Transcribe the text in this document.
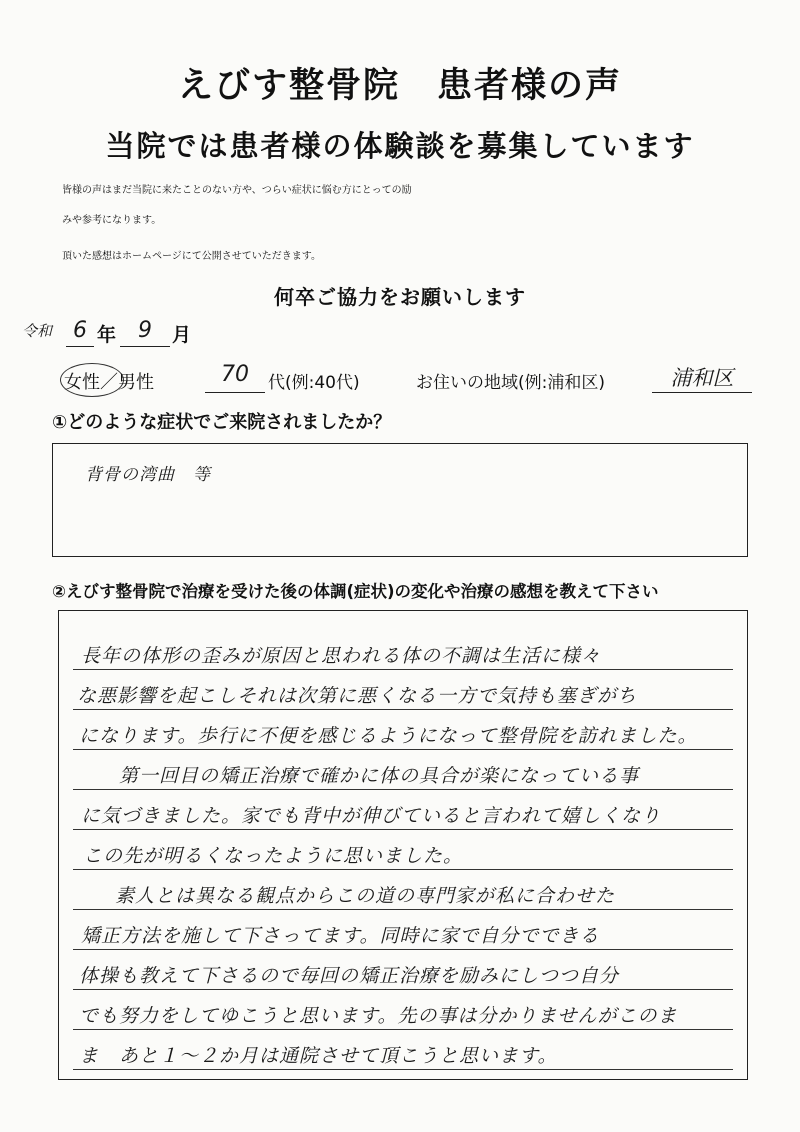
えびす整骨院　患者様の声
当院では患者様の体験談を募集しています
皆様の声はまだ当院に来たことのない方や、つらい症状に悩む方にとっての励
みや参考になります。
頂いた感想はホームページにて公開させていただきます。
何卒ご協力をお願いします
令和 6 年 9	月
女性／男性	70	代(例:40代)	お住いの地域(例:浦和区)	浦和区
①どのような症状でご来院されましたか？
背骨の湾曲　等
②えびす整骨院で治療を受けた後の体調(症状)の変化や治療の感想を教えて下さい
長年の体形の歪みが原因と思われる体の不調は生活に様々
な悪影響を起こしそれは次第に悪くなる一方で気持も塞ぎがち
になります。歩行に不便を感じるようになって整骨院を訪れました。
第一回目の矯正治療で確かに体の具合が楽になっている事
に気づきました。家でも背中が伸びていると言われて嬉しくなり
この先が明るくなったように思いました。
素人とは異なる観点からこの道の専門家が私に合わせた
矯正方法を施して下さってます。同時に家で自分でできる
体操も教えて下さるので毎回の矯正治療を励みにしつつ自分
でも努力をしてゆこうと思います。先の事は分かりませんがこのま
ま　あと１～２か月は通院させて頂こうと思います。
